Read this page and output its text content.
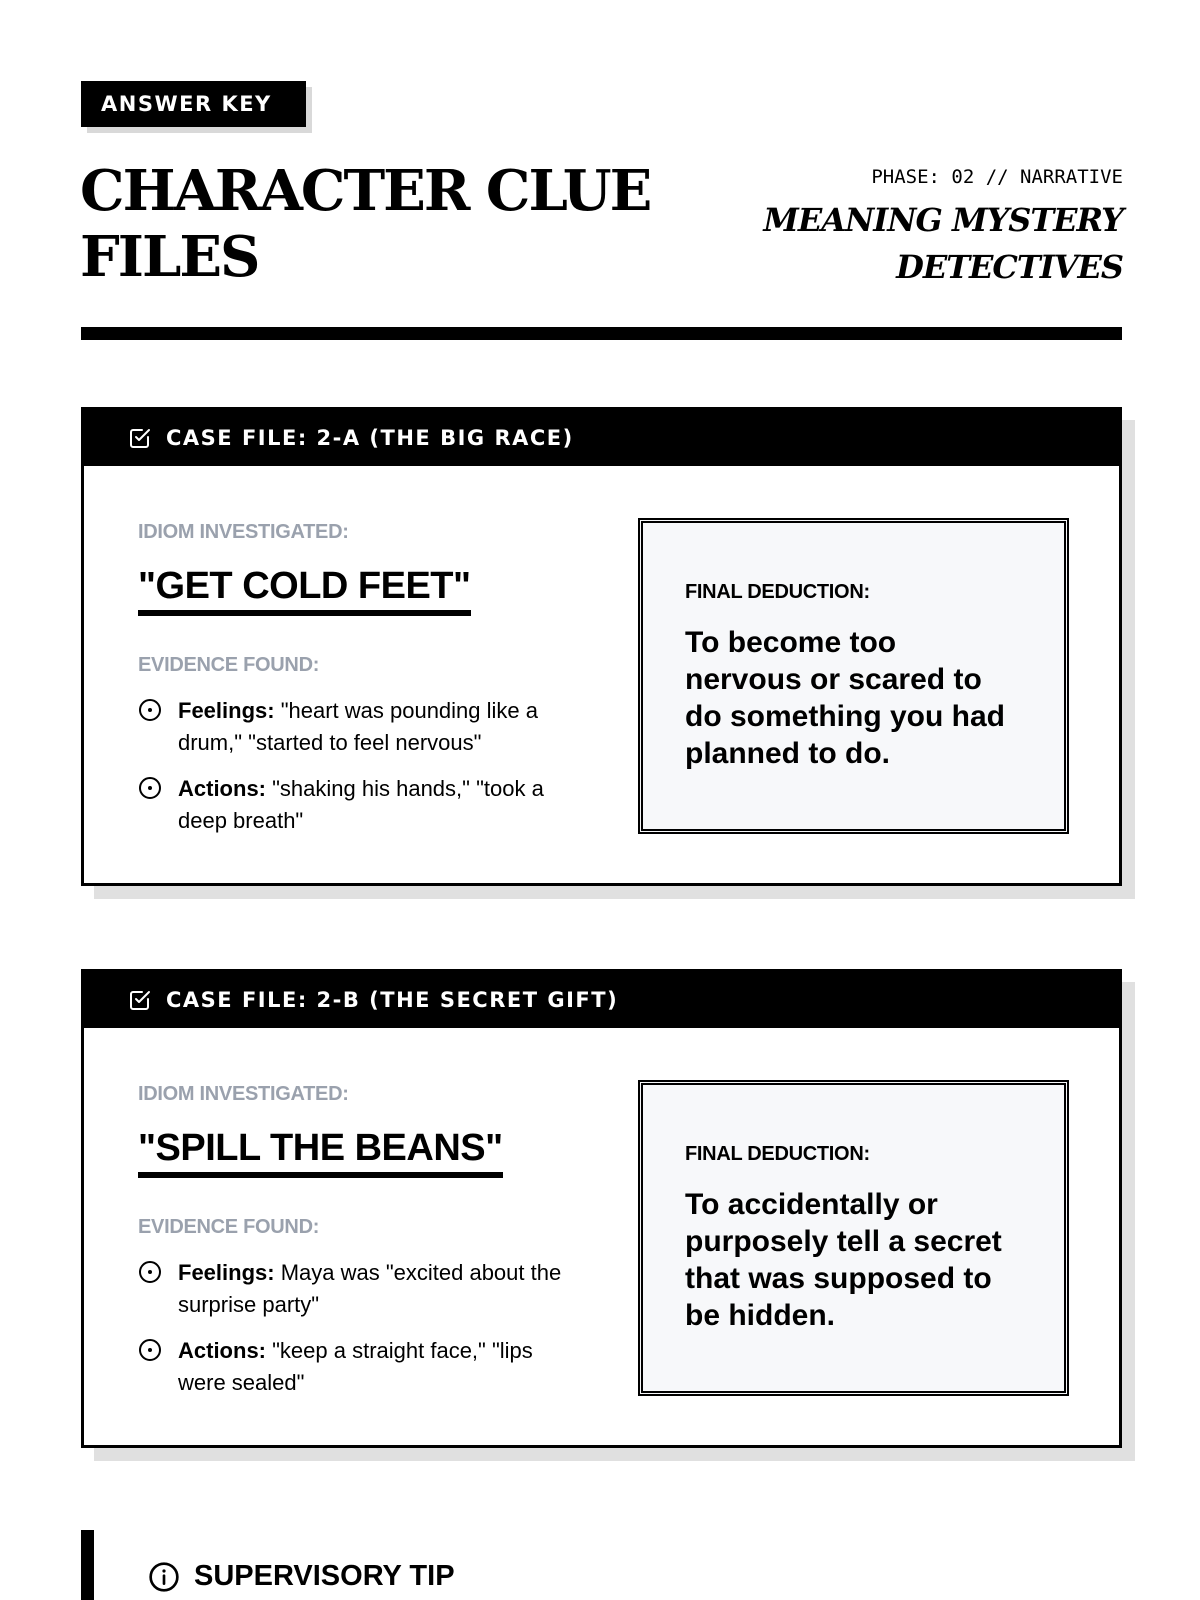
ANSWER KEY
CHARACTER CLUE
FILES
PHASE: 02 // NARRATIVE
MEANING MYSTERY
DETECTIVES
CASE FILE: 2-A (THE BIG RACE)
IDIOM INVESTIGATED:
"GET COLD FEET"
EVIDENCE FOUND:
Feelings: "heart was pounding like a drum," "started to feel nervous"
Actions: "shaking his hands," "took a deep breath"
FINAL DEDUCTION:
To become too nervous or scared to do something you had planned to do.
CASE FILE: 2-B (THE SECRET GIFT)
IDIOM INVESTIGATED:
"SPILL THE BEANS"
EVIDENCE FOUND:
Feelings: Maya was "excited about the surprise party"
Actions: "keep a straight face," "lips were sealed"
FINAL DEDUCTION:
To accidentally or purposely tell a secret that was supposed to be hidden.
SUPERVISORY TIP
